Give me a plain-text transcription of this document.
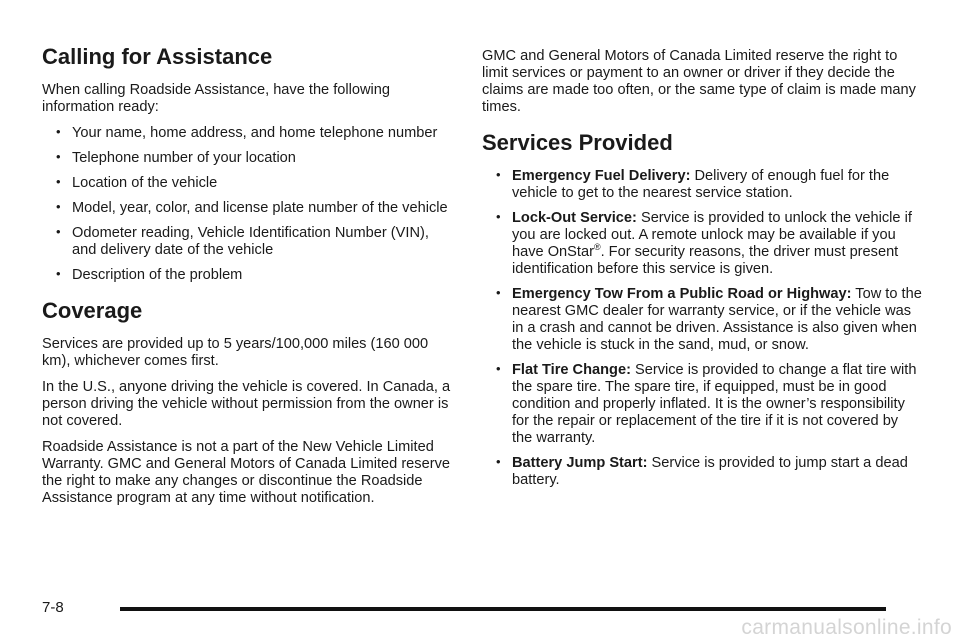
Calling for Assistance

When calling Roadside Assistance, have the following information ready:

• Your name, home address, and home telephone number
• Telephone number of your location
• Location of the vehicle
• Model, year, color, and license plate number of the vehicle
• Odometer reading, Vehicle Identification Number (VIN), and delivery date of the vehicle
• Description of the problem
Coverage

Services are provided up to 5 years/100,000 miles (160 000 km), whichever comes first.

In the U.S., anyone driving the vehicle is covered. In Canada, a person driving the vehicle without permission from the owner is not covered.

Roadside Assistance is not a part of the New Vehicle Limited Warranty. GMC and General Motors of Canada Limited reserve the right to make any changes or discontinue the Roadside Assistance program at any time without notification.

GMC and General Motors of Canada Limited reserve the right to limit services or payment to an owner or driver if they decide the claims are made too often, or the same type of claim is made many times.

Services Provided
• Emergency Fuel Delivery: Delivery of enough fuel for the vehicle to get to the nearest service station.
• Lock-Out Service: Service is provided to unlock the vehicle if you are locked out. A remote unlock may be available if you have OnStar®. For security reasons, the driver must present identification before this service is given.
• Emergency Tow From a Public Road or Highway: Tow to the nearest GMC dealer for warranty service, or if the vehicle was in a crash and cannot be driven. Assistance is also given when the vehicle is stuck in the sand, mud, or snow.
• Flat Tire Change: Service is provided to change a flat tire with the spare tire. The spare tire, if equipped, must be in good condition and properly inflated. It is the owner’s responsibility for the repair or replacement of the tire if it is not covered by the warranty.
• Battery Jump Start: Service is provided to jump start a dead battery.
7-8
carmanualsonline.info
